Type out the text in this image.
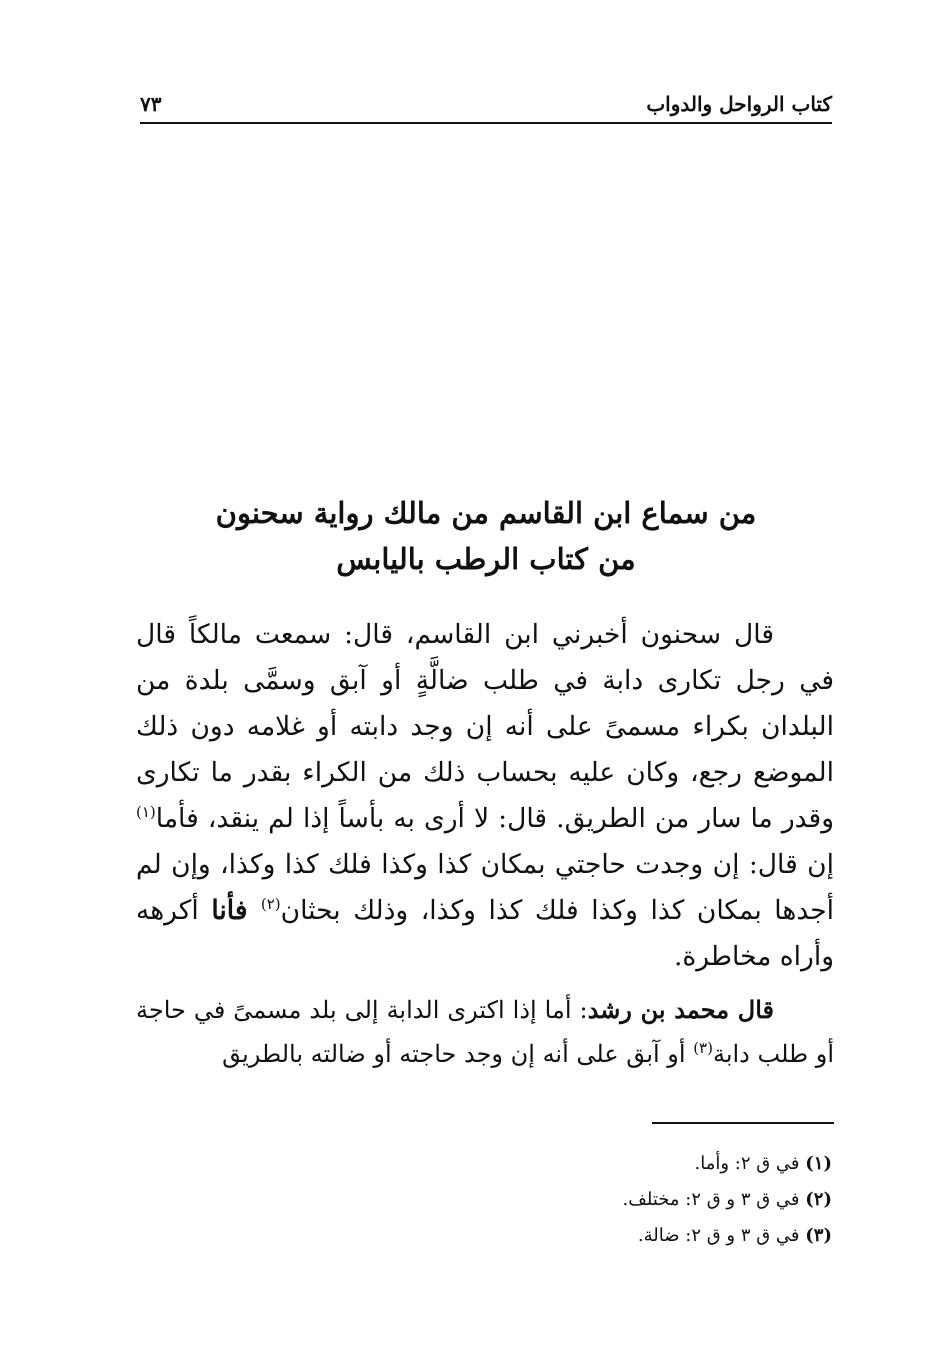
كتاب الرواحل والدواب
٧٣
من سماع ابن القاسم من مالك رواية سحنون
من كتاب الرطب باليابس

قال سحنون أخبرني ابن القاسم، قال: سمعت مالكاً قال في رجل تكارى دابة في طلب ضالَّةٍ أو آبق وسمَّى بلدة من البلدان بكراء مسمىً على أنه إن وجد دابته أو غلامه دون ذلك الموضع رجع، وكان عليه بحساب ذلك من الكراء بقدر ما تكارى وقدر ما سار من الطريق. قال: لا أرى به بأساً إذا لم ينقد، فأما$^{(١)}$ إن قال: إن وجدت حاجتي بمكان كذا وكذا فلك كذا وكذا، وإن لم أجدها بمكان كذا وكذا فلك كذا وكذا، وذلك بحثان$^{(٢)}$ فأنا أكرهه وأراه مخاطرة.

قال محمد بن رشد: أما إذا اكترى الدابة إلى بلد مسمىً في حاجة أو طلب دابة$^{(٣)}$ أو آبق على أنه إن وجد حاجته أو ضالته بالطريق

(١) في ق ٢: وأما.
(٢) في ق ٣ و ق ٢: مختلف.
(٣) في ق ٣ و ق ٢: ضالة.
